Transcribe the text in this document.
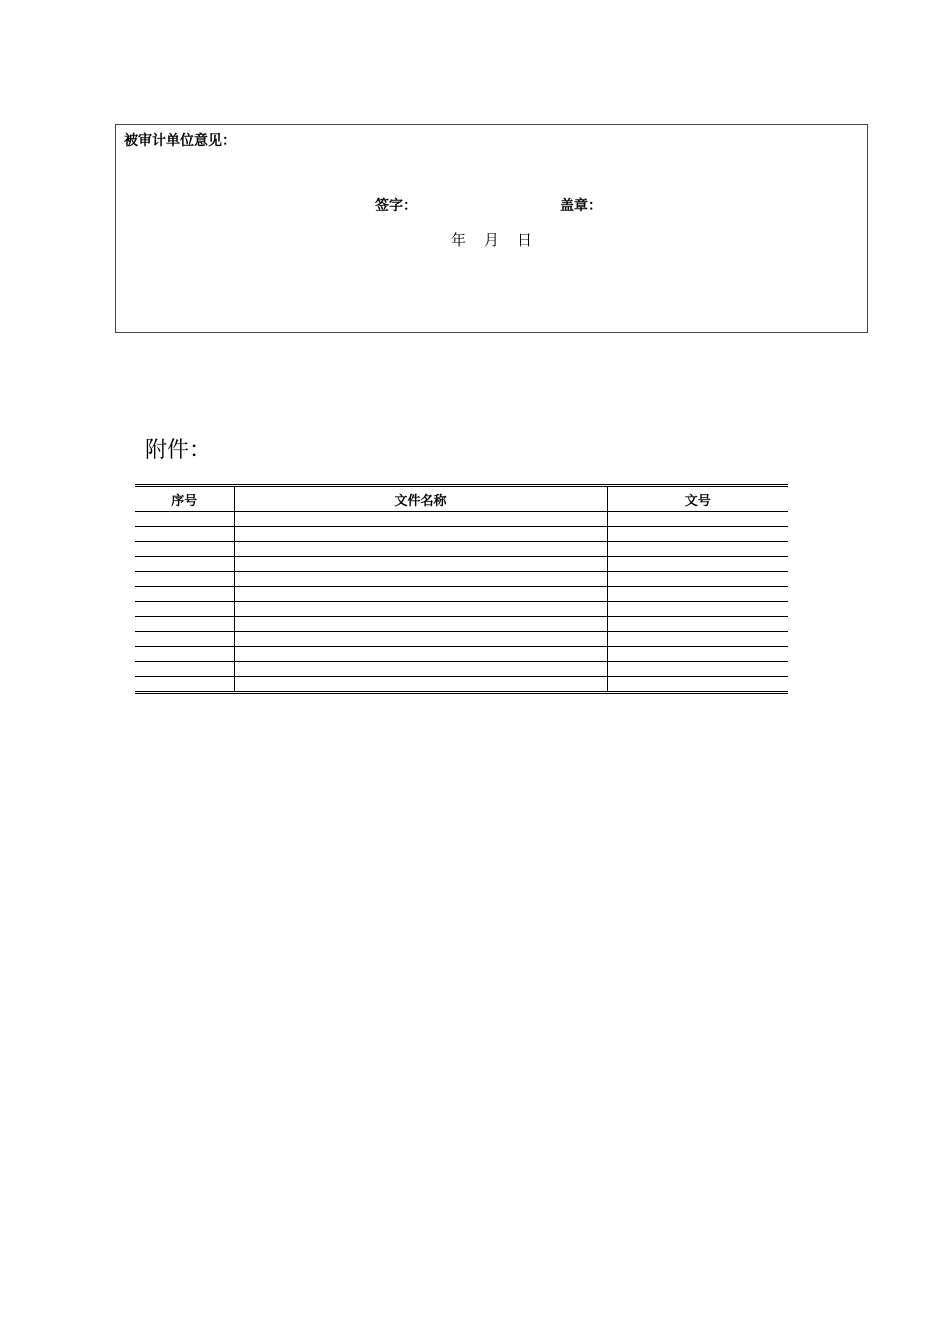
被审计单位意见：
签字：	盖章：
年 月 日
附件：
序号	文件名称	文号
